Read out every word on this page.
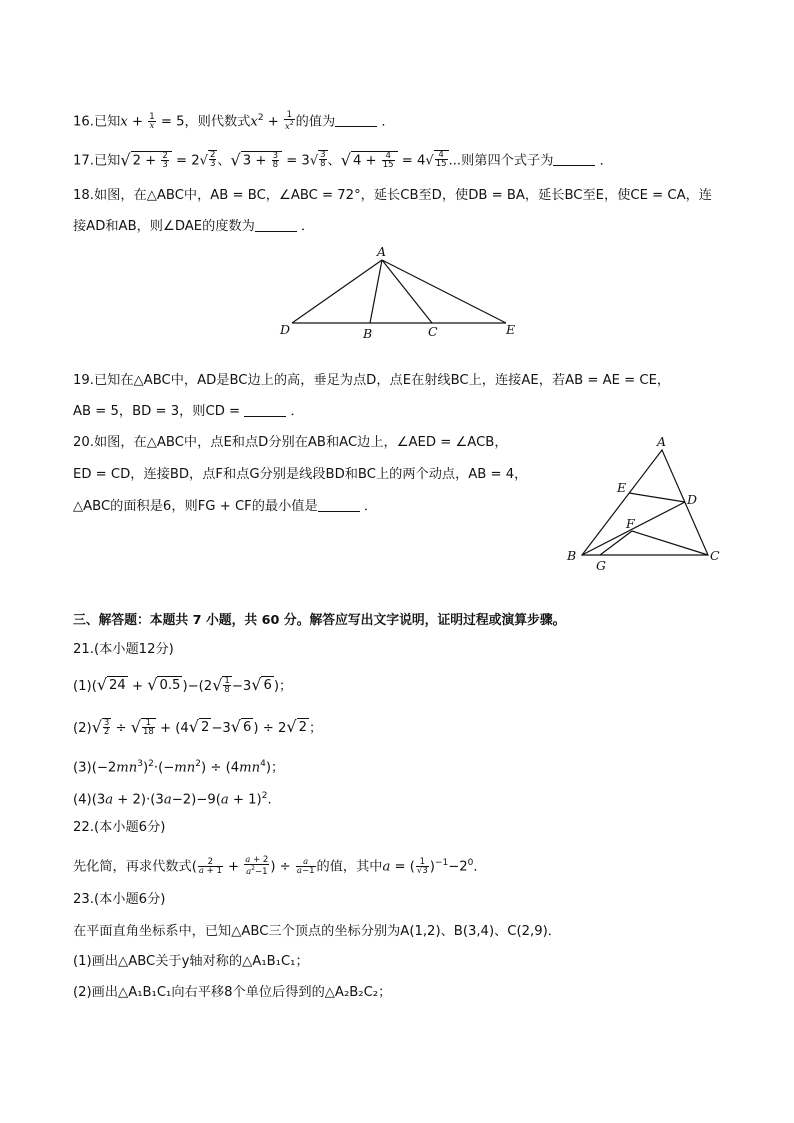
16.已知$x + \frac{1}{x} = 5$，则代数式$x^2 + \frac{1}{x^2}$ 的值为	．
17.已知√ $2 + \frac{2}{3} = 2√ \frac{2}{3}$ 、√ $3 + \frac{3}{8} = 3√ \frac{3}{8}$ 、√ $4 + \frac{4}{15} = 4√ \frac{4}{15}$ ...则第四个式子为	．
18.如图，在△ABC中，AB = BC，∠ABC = 72°，延长CB至D，使DB = BA，延长BC至E，使CE = CA，连
接AD和AB，则∠DAE的度数为	．
A
D	B	C	E
19.已知在△ABC中，AD是BC边上的高，垂足为点D，点E在射线BC上，连接AE，若AB = AE = CE，
AB = 5，BD = 3，则CD =	．
20.如图，在△ABC中，点E和点D分别在AB和AC边上，∠AED = ∠ACB，
ED = CD，连接BD，点F和点G分别是线段BD和BC上的两个动点，AB = 4，
△ABC的面积是6，则FG + CF的最小值是	．
A
E
D
F
B
G
C
三、解答题：本题共 7 小题，共 60 分。解答应写出文字说明，证明过程或演算步骤。
21.(本小题12分)
(1)(√ 24 + √ 0.5 )$-(2√ \frac{1}{8} -3√$ 6 )；
$(2)√ \frac{3}{2}$ ÷ √ $\frac{1}{18} + (4√$ 2 −3√ 6 ) ÷ 2√ 2 ；
$(3)(-2mn^3)^2\cdot(-mn^2) \div (4mn^4)$；
$(4)(3a + 2)\cdot(3a-2)-9(a + 1)^2$.
22.(本小题6分)
先化简，再求代数式( $\frac{2}{a + 1} + \frac{a + 2}{a^2-1}$ ) ÷ $\frac{a}{a-1}$ 的值，其中a = ( $\frac{1}{√3} )^{-1}-2^0$．
23.(本小题6分)
在平面直角坐标系中，已知△ABC三个顶点的坐标分别为A(1,2)、B(3,4)、C(2,9)．
(1)画出△ABC关于y轴对称的△A₁B₁C₁；
(2)画出△A₁B₁C₁向右平移8个单位后得到的△A₂B₂C₂；
